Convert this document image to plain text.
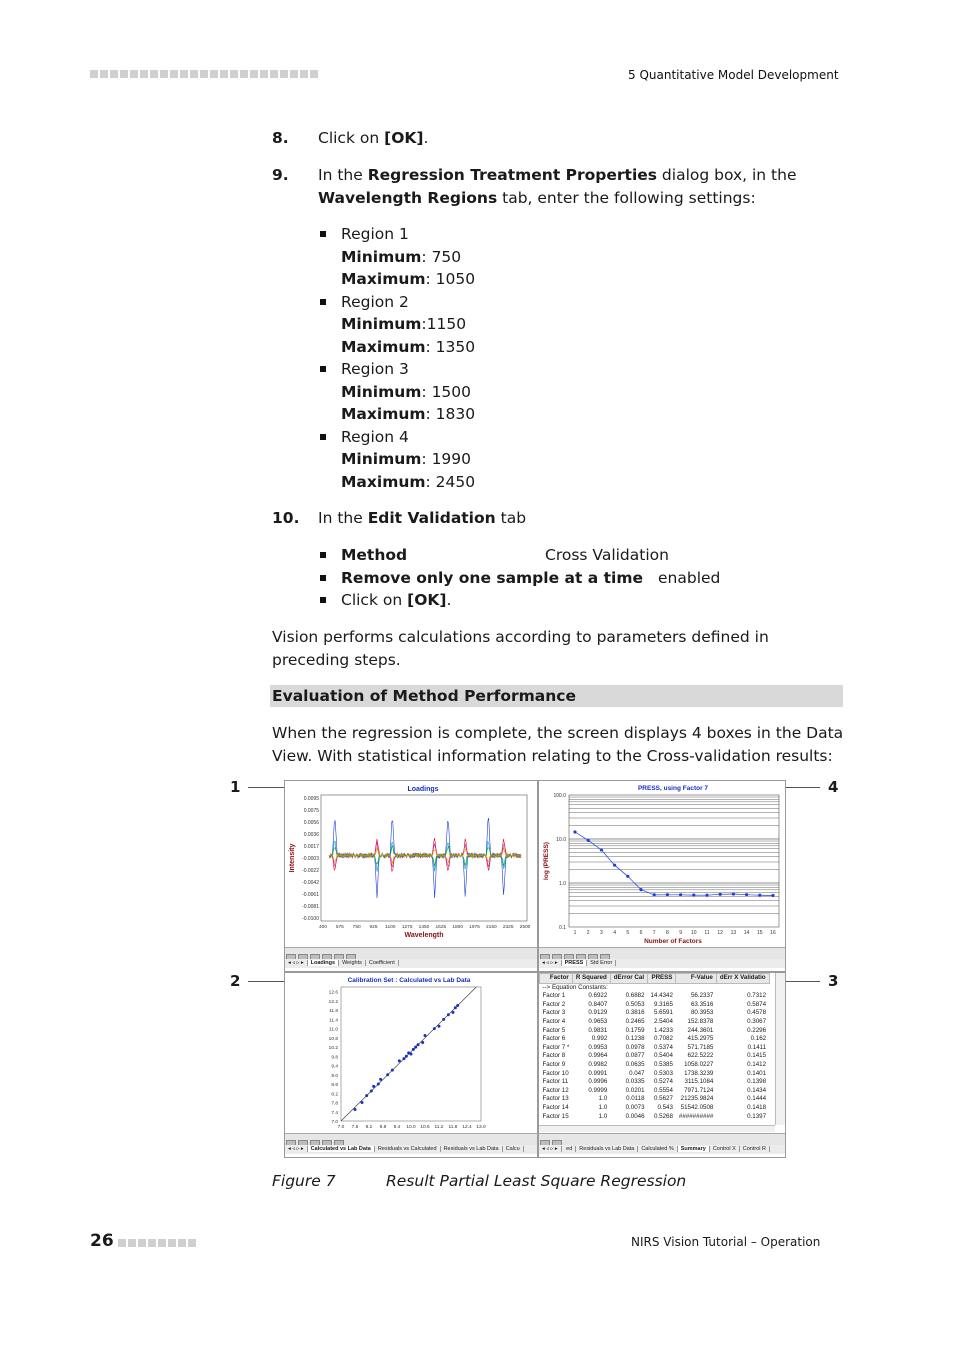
5 Quantitative Model Development
8. Click on [OK].
9. In the Regression Treatment Properties dialog box, in the
Wavelength Regions tab, enter the following settings:
Region 1
Minimum: 750
Maximum: 1050
Region 2
Minimum:1150
Maximum: 1350
Region 3
Minimum: 1500
Maximum: 1830
Region 4
Minimum: 1990
Maximum: 2450
10. In the Edit Validation tab
Method	Cross Validation
Remove only one sample at a time enabled
Click on [OK].
Vision performs calculations according to parameters defined in preceding steps.
Evaluation of Method Performance
When the regression is complete, the screen displays 4 boxes in the Data View. With statistical information relating to the Cross-validation results:
1
2	3
4
Loadings
0.0095
0.0075
0.0056
0.0036
0.0017
-0.0003
-0.0022
-0.0042
-0.0061
-0.0081
-0.0100
400 575 750 925 1100 1275 1450 1625 1800 1975 2150 2325 2500
Wavelength
Intensity
◂ ◃ ▹ ▸ Loadings Weights Coefficient
PRESS, using Factor 7
100.0
10.0
1.0
0.1
1 2 3 4 5 6 7 8 9 10 11 12 13 14 15 16
Number of Factors
log (PRESS)
◂ ◃ ▹ ▸ PRESS Std Error
Calibration Set : Calculated vs Lab Data
12.6
12.2
11.8
11.4
11.0
10.6
10.2
9.8
9.4
9.0
8.6
8.2
7.8
7.4
7.0
7.0 7.6 8.2 8.8 9.4 10.0 10.6 11.2 11.8 12.4 13.0
◂ ◃ ▹ ▸ Calculated vs Lab Data Residuals vs Calculated Residuals vs Lab Data Calcu
Factor	R Squared	dError Cal	PRESS	F-Value	dErr X Validatio
--> Equation Constants:					
Factor 1	0.6922	0.6882	14.4342	56.2337	0.7312
Factor 2	0.8407	0.5053	9.3165	63.3516	0.5874
Factor 3	0.9129	0.3816	5.6591	80.3953	0.4578
Factor 4	0.9653	0.2465	2.5404	152.8378	0.3067
Factor 5	0.9831	0.1759	1.4233	244.3601	0.2296
Factor 6	0.992	0.1238	0.7082	415.2975	0.162
Factor 7 *	0.9953	0.0978	0.5374	571.7185	0.1411
Factor 8	0.9964	0.0877	0.5404	622.5222	0.1415
Factor 9	0.9982	0.0635	0.5385	1058.0227	0.1412
Factor 10	0.9991	0.047	0.5303	1738.3239	0.1401
Factor 11	0.9996	0.0335	0.5274	3115.1084	0.1398
Factor 12	0.9999	0.0201	0.5554	7971.7124	0.1434
Factor 13	1.0	0.0118	0.5627	21235.9824	0.1444
Factor 14	1.0	0.0073	0.543	51542.0508	0.1418
Factor 15	1.0	0.0046	0.5268	##########	0.1397
◂ ◃ ▹ ▸ ed Residuals vs Lab Data Calculated % Summary Control X Control R
Figure 7	Result Partial Least Square Regression
26	NIRS Vision Tutorial – Operation
